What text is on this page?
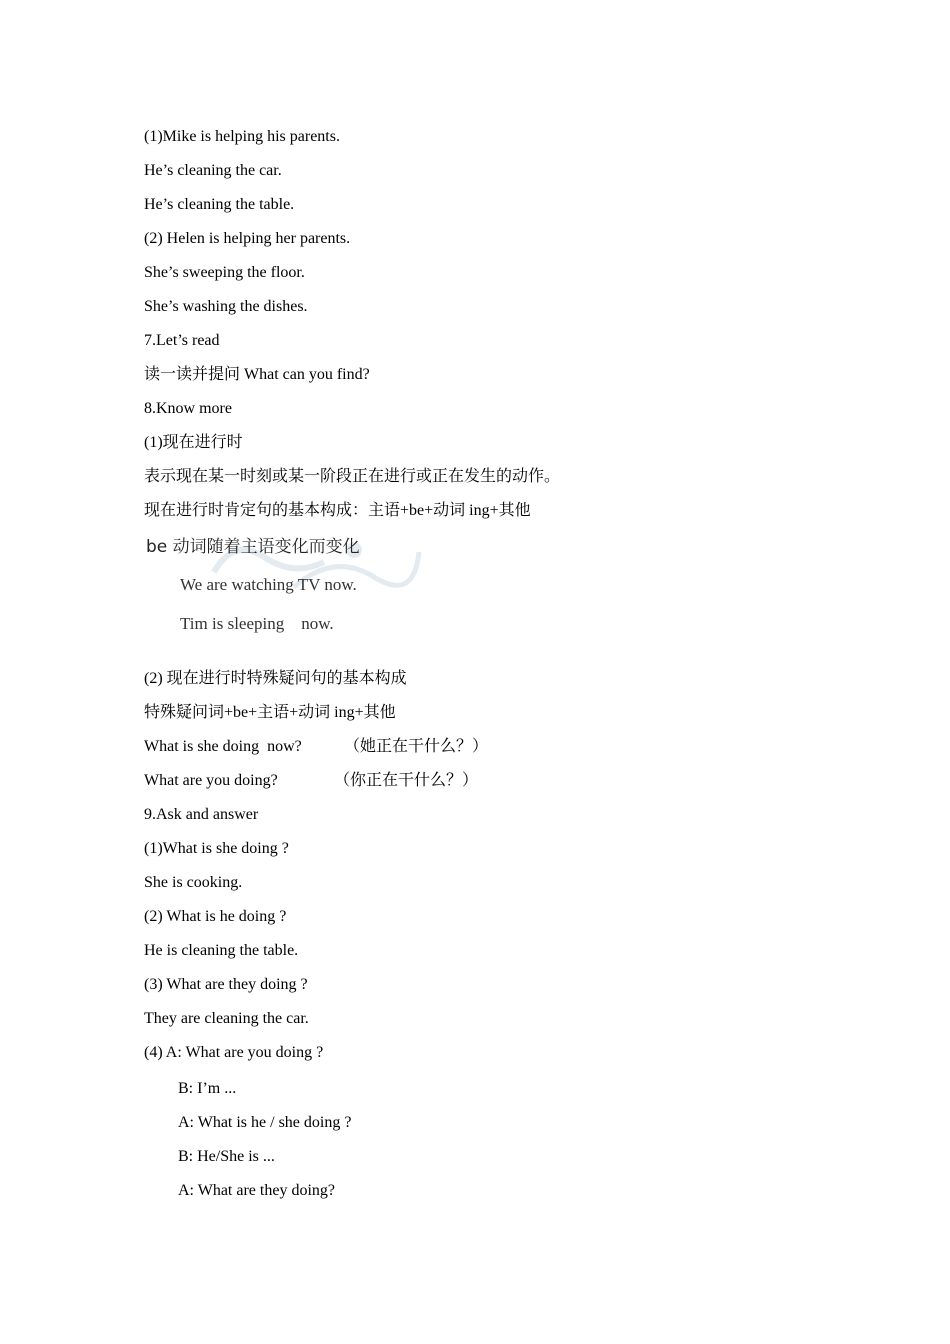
(1)Mike is helping his parents.
He’s cleaning the car.
He’s cleaning the table.
(2) Helen is helping her parents.
She’s sweeping the floor.
She’s washing the dishes.
7.Let’s read
读一读并提问 What can you find?
8.Know more
(1)现在进行时
表示现在某一时刻或某一阶段正在进行或正在发生的动作。
现在进行时肯定句的基本构成：主语+be+动词 ing+其他
be 动词随着主语变化而变化
We are watching TV now.
Tim is sleeping    now.
(2) 现在进行时特殊疑问句的基本构成
特殊疑问词+be+主语+动词 ing+其他
What is she doing  now?	（她正在干什么？）
What are you doing?	（你正在干什么？）
9.Ask and answer
(1)What is she doing ?
She is cooking.
(2) What is he doing ?
He is cleaning the table.
(3) What are they doing ?
They are cleaning the car.
(4) A: What are you doing ?
B: I’m ...
A: What is he / she doing ?
B: He/She is ...
A: What are they doing?
